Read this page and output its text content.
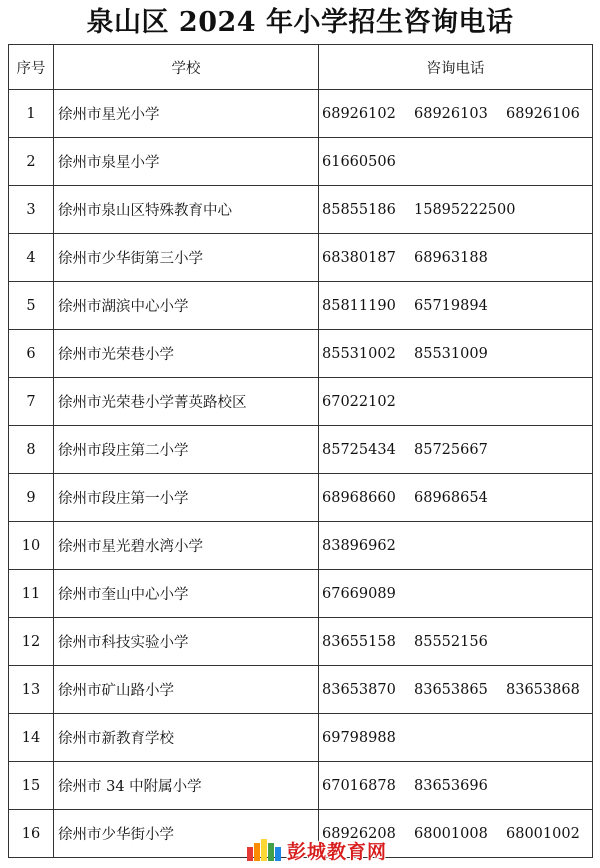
泉山区 2024 年小学招生咨询电话
序号	学校	咨询电话
1	徐州市星光小学	68926102 68926103 68926106
2	徐州市泉星小学	61660506
3	徐州市泉山区特殊教育中心	85855186 15895222500
4	徐州市少华街第三小学	68380187 68963188
5	徐州市湖滨中心小学	85811190 65719894
6	徐州市光荣巷小学	85531002 85531009
7	徐州市光荣巷小学菁英路校区	67022102
8	徐州市段庄第二小学	85725434 85725667
9	徐州市段庄第一小学	68968660 68968654
10	徐州市星光碧水湾小学	83896962
11	徐州市奎山中心小学	67669089
12	徐州市科技实验小学	83655158 85552156
13	徐州市矿山路小学	83653870 83653865 83653868
14	徐州市新教育学校	69798988
15	徐州市 34 中附属小学	67016878 83653696
16	徐州市少华街小学	68926208 68001008 68001002
彭城教育网
